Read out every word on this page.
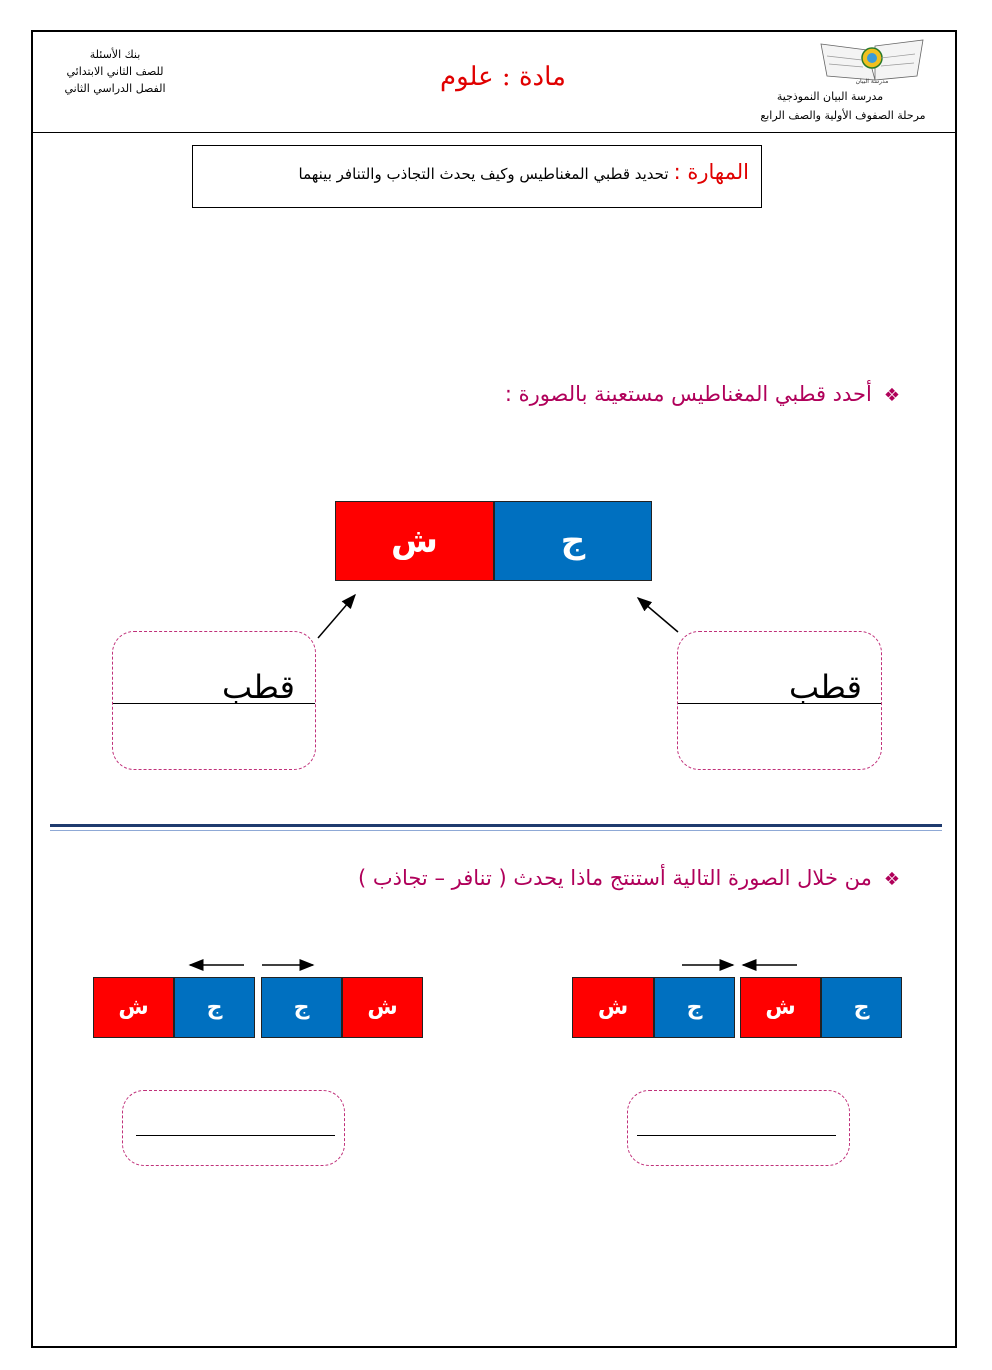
بنك الأسئلة
للصف الثاني الابتدائي
الفصل الدراسي الثاني	مادة : علوم	مدرسة البيان
مدرسة البيان النموذجية
مرحلة الصفوف الأولية والصف الرابع
المهارة : تحديد قطبي المغناطيس وكيف يحدث التجاذب والتنافر بينهما
❖أحدد قطبي المغناطيس مستعينة بالصورة :
ش	ج
قطب	قطب
❖من خلال الصورة التالية أستنتج ماذا يحدث ( تنافر – تجاذب )
ش	ج	ج	ش	ش	ج	ش	ج
